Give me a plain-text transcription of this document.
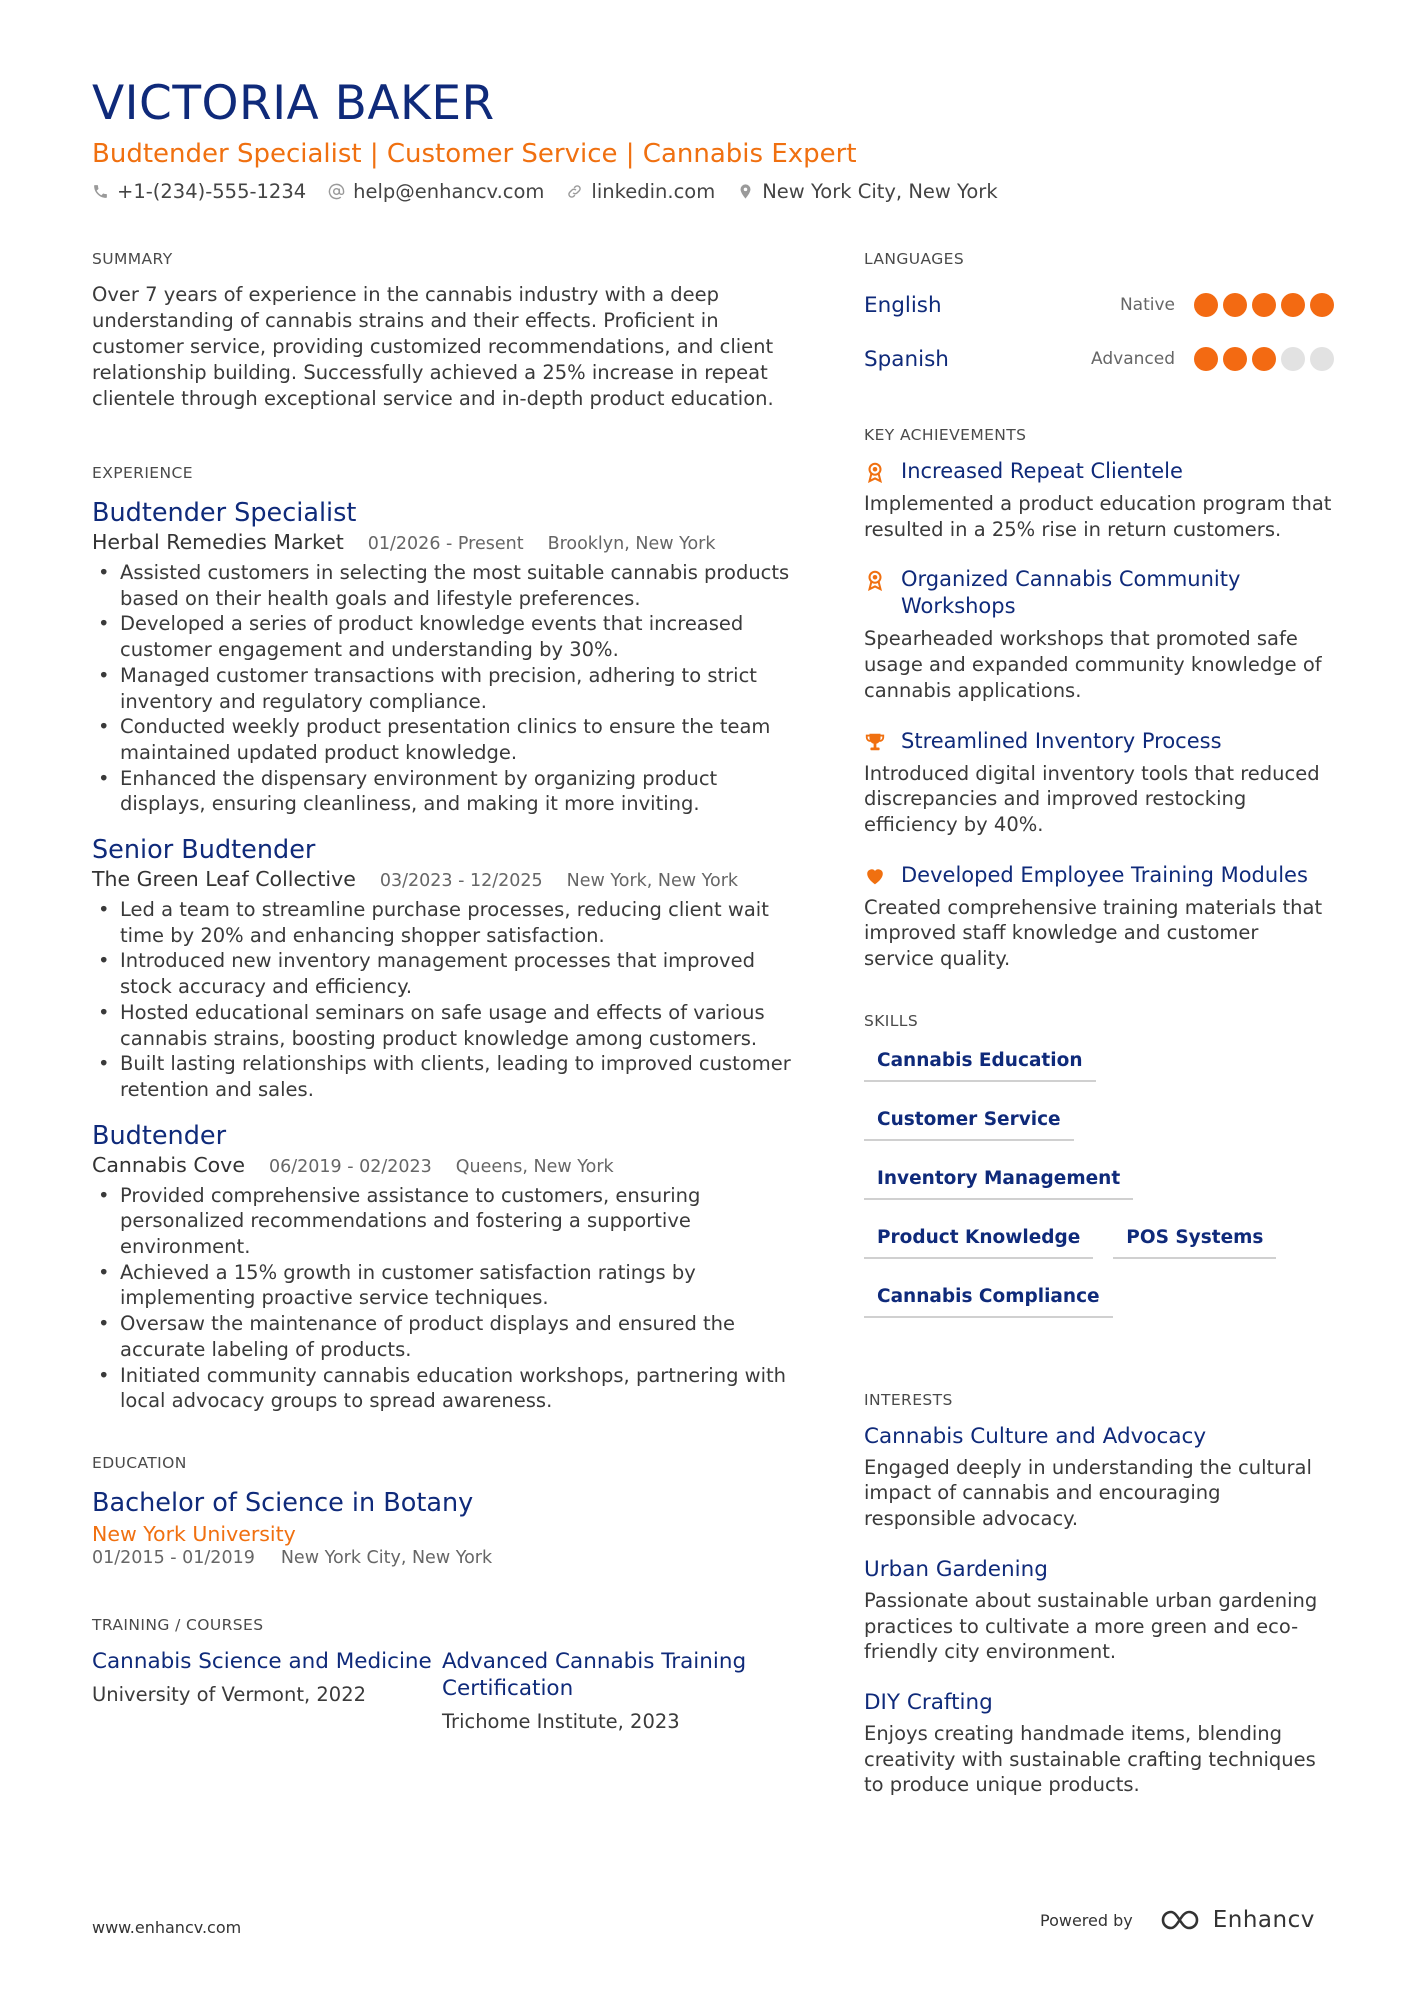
VICTORIA BAKER
Budtender Specialist | Customer Service | Cannabis Expert
+1-(234)-555-1234 help@enhancv.com linkedin.com New York City, New York
SUMMARY
Over 7 years of experience in the cannabis industry with a deep understanding of cannabis strains and their effects. Proficient in customer service, providing customized recommendations, and client relationship building. Successfully achieved a 25% increase in repeat clientele through exceptional service and in-depth product education.
EXPERIENCE
Budtender Specialist
Herbal Remedies Market 01/2026 - Present Brooklyn, New York
• Assisted customers in selecting the most suitable cannabis products based on their health goals and lifestyle preferences.
• Developed a series of product knowledge events that increased customer engagement and understanding by 30%.
• Managed customer transactions with precision, adhering to strict inventory and regulatory compliance.
• Conducted weekly product presentation clinics to ensure the team maintained updated product knowledge.
• Enhanced the dispensary environment by organizing product displays, ensuring cleanliness, and making it more inviting.
Senior Budtender
The Green Leaf Collective 03/2023 - 12/2025 New York, New York
• Led a team to streamline purchase processes, reducing client wait time by 20% and enhancing shopper satisfaction.
• Introduced new inventory management processes that improved stock accuracy and efficiency.
• Hosted educational seminars on safe usage and effects of various cannabis strains, boosting product knowledge among customers.
• Built lasting relationships with clients, leading to improved customer retention and sales.
Budtender
Cannabis Cove 06/2019 - 02/2023 Queens, New York
• Provided comprehensive assistance to customers, ensuring personalized recommendations and fostering a supportive environment.
• Achieved a 15% growth in customer satisfaction ratings by implementing proactive service techniques.
• Oversaw the maintenance of product displays and ensured the accurate labeling of products.
• Initiated community cannabis education workshops, partnering with local advocacy groups to spread awareness.
EDUCATION
Bachelor of Science in Botany
New York University
01/2015 - 01/2019 New York City, New York
TRAINING / COURSES
Cannabis Science and Medicine
University of Vermont, 2022
Advanced Cannabis Training Certification
Trichome Institute, 2023
LANGUAGES
English	Native
Spanish	Advanced
KEY ACHIEVEMENTS
Increased Repeat Clientele
Implemented a product education program that resulted in a 25% rise in return customers.
Organized Cannabis Community Workshops
Spearheaded workshops that promoted safe usage and expanded community knowledge of cannabis applications.
Streamlined Inventory Process
Introduced digital inventory tools that reduced discrepancies and improved restocking efficiency by 40%.
Developed Employee Training Modules
Created comprehensive training materials that improved staff knowledge and customer service quality.
SKILLS
Cannabis Education
Customer Service
Inventory Management
Product Knowledge	POS Systems
Cannabis Compliance
INTERESTS
Cannabis Culture and Advocacy
Engaged deeply in understanding the cultural impact of cannabis and encouraging responsible advocacy.
Urban Gardening
Passionate about sustainable urban gardening practices to cultivate a more green and eco-friendly city environment.
DIY Crafting
Enjoys creating handmade items, blending creativity with sustainable crafting techniques to produce unique products.
www.enhancv.com	Powered by	Enhancv
